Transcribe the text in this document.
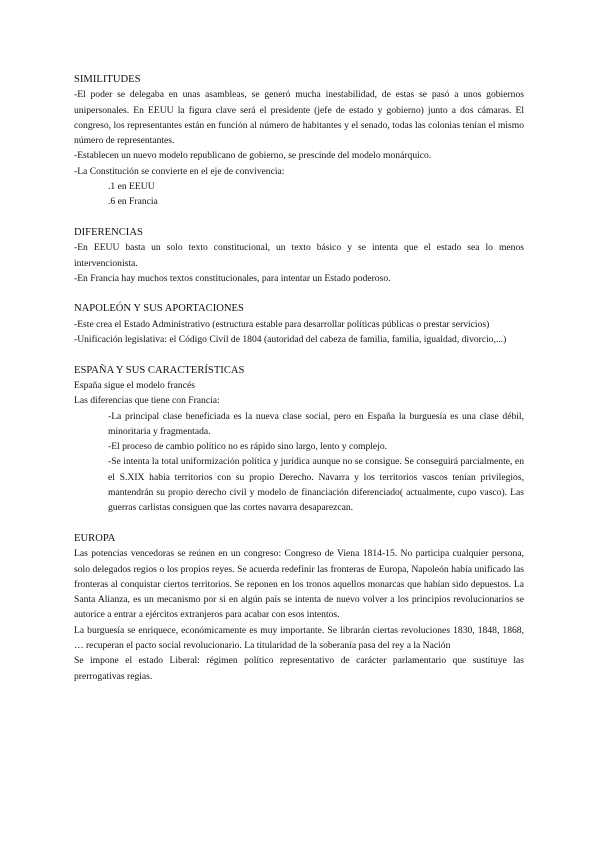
SIMILITUDES

-El poder se delegaba en unas asambleas, se generó mucha inestabilidad, de estas se pasó a unos gobiernos unipersonales. En EEUU la figura clave será el presidente (jefe de estado y gobierno) junto a dos cámaras. El congreso, los representantes están en función al número de habitantes y el senado, todas las colonias tenían el mismo número de representantes.

-Establecen un nuevo modelo republicano de gobierno, se prescinde del modelo monárquico.

-La Constitución se convierte en el eje de convivencia:

.1 en EEUU

.6 en Francia

DIFERENCIAS

-En EEUU basta un solo texto constitucional, un texto básico y se intenta que el estado sea lo menos intervencionista.

-En Francia hay muchos textos constitucionales, para intentar un Estado poderoso.

NAPOLEÓN Y SUS APORTACIONES

-Este crea el Estado Administrativo (estructura estable para desarrollar políticas públicas o prestar servicios)

-Unificación legislativa: el Código Civil de 1804 (autoridad del cabeza de familia, familia, igualdad, divorcio,...)

ESPAÑA Y SUS CARACTERÍSTICAS

España sigue el modelo francés

Las diferencias que tiene con Francia:

-La principal clase beneficiada es la nueva clase social, pero en España la burguesía es una clase débil, minoritaria y fragmentada.

-El proceso de cambio político no es rápido sino largo, lento y complejo.

-Se intenta la total uniformización política y jurídica aunque no se consigue. Se conseguirá parcialmente, en el S.XIX había territorios con su propio Derecho. Navarra y los territorios vascos tenían privilegios, mantendrán su propio derecho civil y modelo de financiación diferenciado( actualmente, cupo vasco). Las guerras carlistas consiguen que las cortes navarra desaparezcan.

EUROPA

Las potencias vencedoras se reúnen en un congreso: Congreso de Viena 1814-15. No participa cualquier persona, solo delegados regios o los propios reyes. Se acuerda redefinir las fronteras de Europa, Napoleón había unificado las fronteras al conquistar ciertos territorios. Se reponen en los tronos aquellos monarcas que habían sido depuestos. La Santa Alianza, es un mecanismo por si en algún país se intenta de nuevo volver a los principios revolucionarios se autorice a entrar a ejércitos extranjeros para acabar con esos intentos.

La burguesía se enriquece, económicamente es muy importante. Se librarán ciertas revoluciones 1830, 1848, 1868, … recuperan el pacto social revolucionario. La titularidad de la soberanía pasa del rey a la Nación

Se impone el estado Liberal: régimen político representativo de carácter parlamentario que sustituye las prerrogativas regias.
